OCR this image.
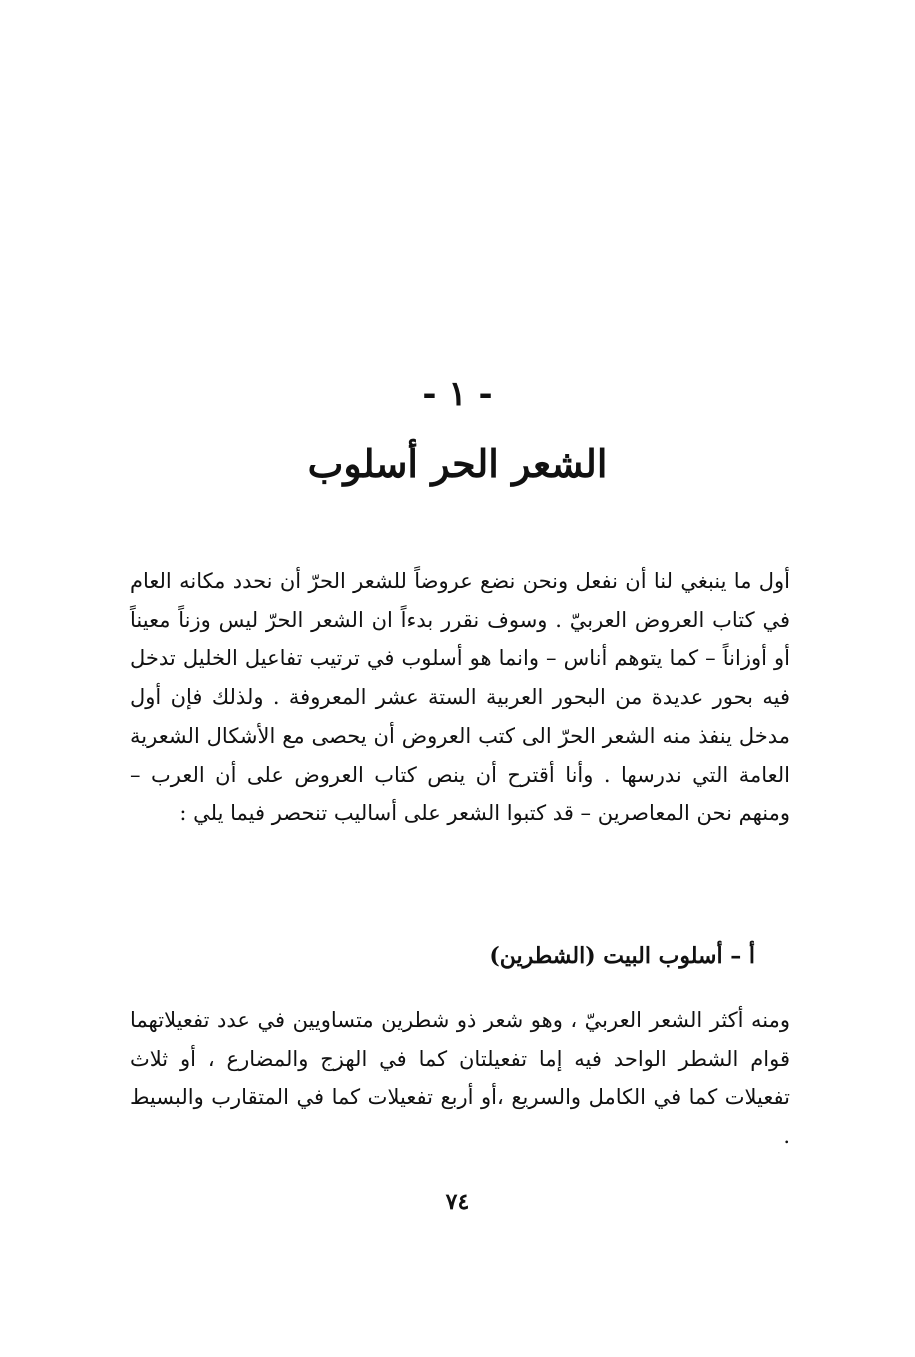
- ١ -
الشعر الحر أسلوب

أول ما ينبغي لنا أن نفعل ونحن نضع عروضاً للشعر الحرّ أن نحدد مكانه العام في كتاب العروض العربيّ . وسوف نقرر بدءاً ان الشعر الحرّ ليس وزناً معيناً أو أوزاناً – كما يتوهم أناس – وانما هو أسلوب في ترتيب تفاعيل الخليل تدخل فيه بحور عديدة من البحور العربية الستة عشر المعروفة . ولذلك فإن أول مدخل ينفذ منه الشعر الحرّ الى كتب العروض أن يحصى مع الأشكال الشعرية العامة التي ندرسها . وأنا أقترح أن ينص كتاب العروض على أن العرب – ومنهم نحن المعاصرين – قد كتبوا الشعر على أساليب تنحصر فيما يلي :

أ – أسلوب البيت (الشطرين)

ومنه أكثر الشعر العربيّ ، وهو شعر ذو شطرين متساويين في عدد تفعيلاتهما قوام الشطر الواحد فيه إما تفعيلتان كما في الهزج والمضارع ، أو ثلاث تفعيلات كما في الكامل والسريع ،أو أربع تفعيلات كما في المتقارب والبسيط .

٧٤
